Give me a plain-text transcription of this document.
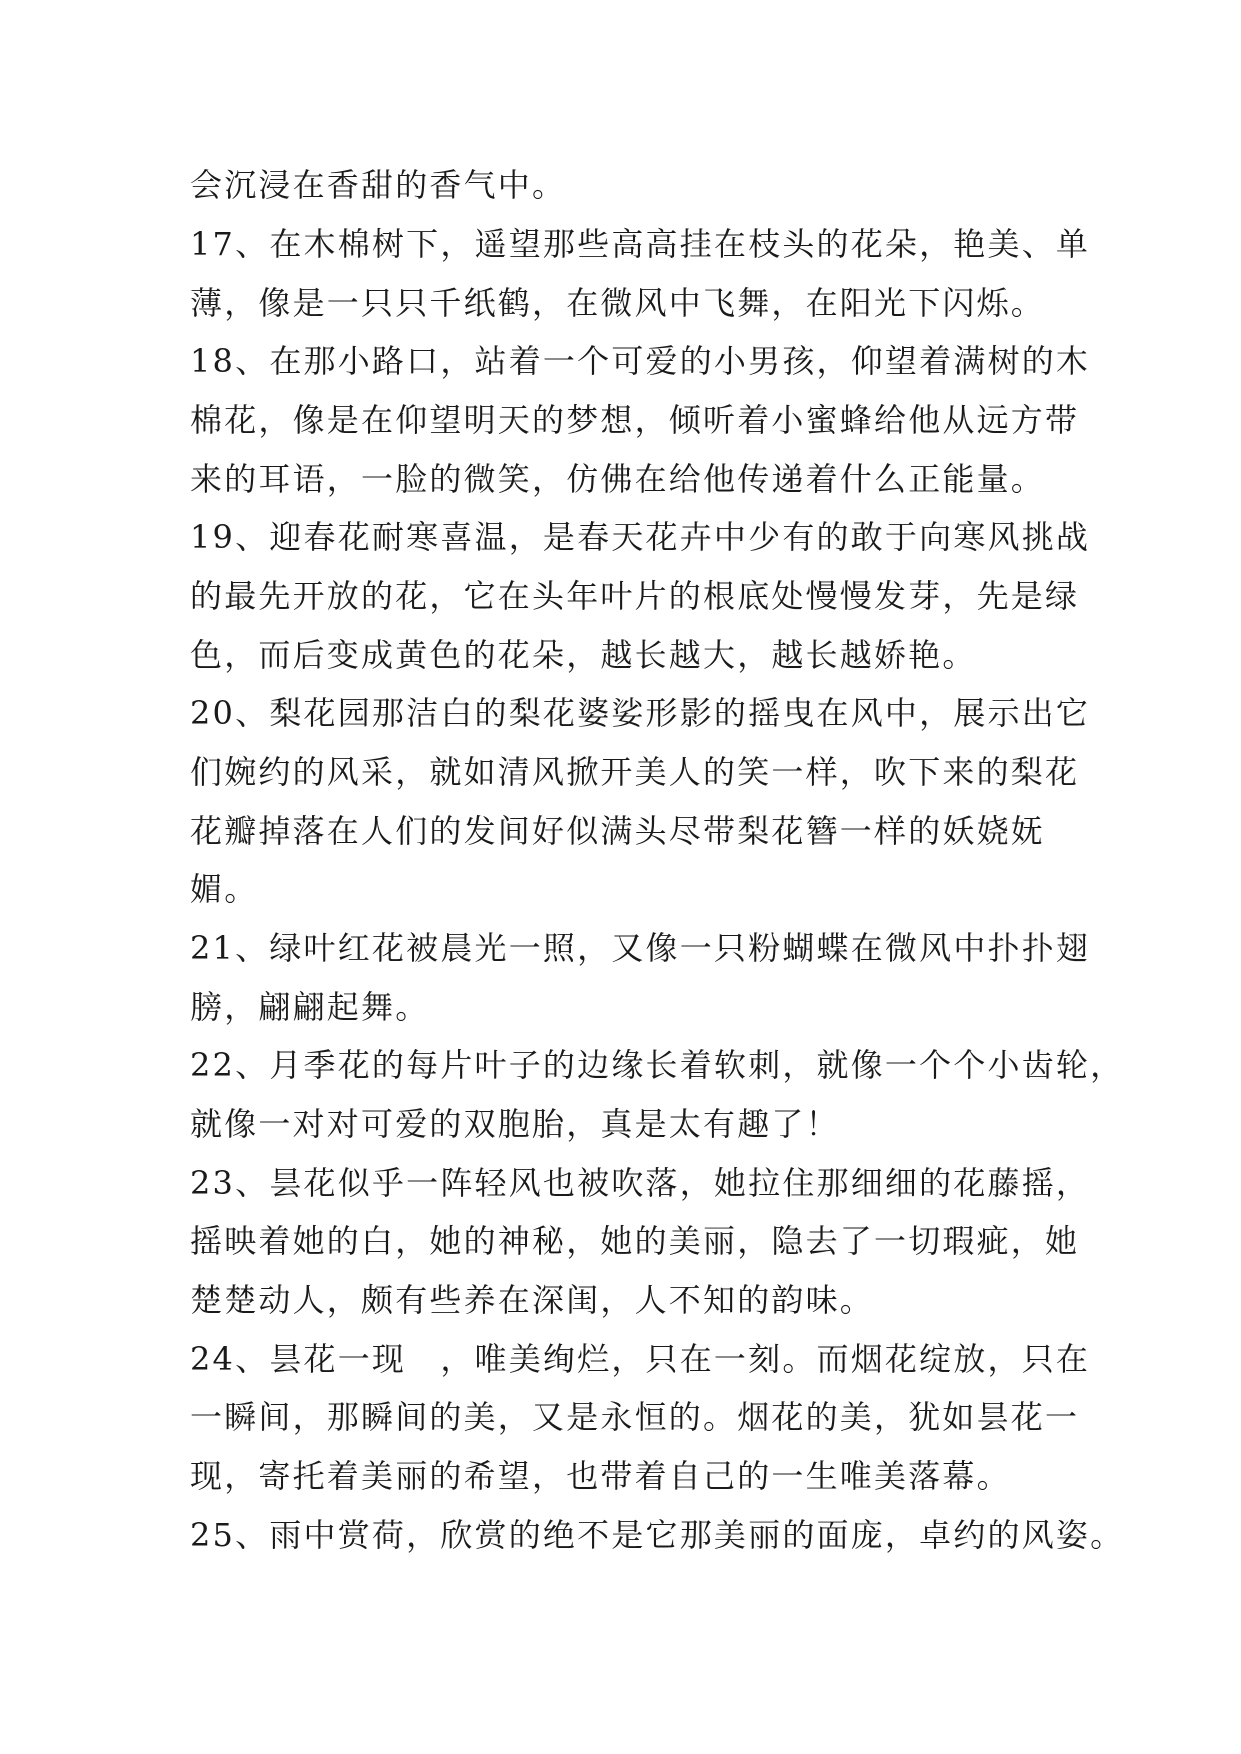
会沉浸在香甜的香气中。
17、在木棉树下，遥望那些高高挂在枝头的花朵，艳美、单
薄，像是一只只千纸鹤，在微风中飞舞，在阳光下闪烁。
18、在那小路口，站着一个可爱的小男孩，仰望着满树的木
棉花，像是在仰望明天的梦想，倾听着小蜜蜂给他从远方带
来的耳语，一脸的微笑，仿佛在给他传递着什么正能量。
19、迎春花耐寒喜温，是春天花卉中少有的敢于向寒风挑战
的最先开放的花，它在头年叶片的根底处慢慢发芽，先是绿
色，而后变成黄色的花朵，越长越大，越长越娇艳。
20、梨花园那洁白的梨花婆娑形影的摇曳在风中，展示出它
们婉约的风采，就如清风掀开美人的笑一样，吹下来的梨花
花瓣掉落在人们的发间好似满头尽带梨花簪一样的妖娆妩
媚。
21、绿叶红花被晨光一照，又像一只粉蝴蝶在微风中扑扑翅
膀，翩翩起舞。
22、月季花的每片叶子的边缘长着软刺，就像一个个小齿轮，
就像一对对可爱的双胞胎，真是太有趣了！
23、昙花似乎一阵轻风也被吹落，她拉住那细细的花藤摇，
摇映着她的白，她的神秘，她的美丽，隐去了一切瑕疵，她
楚楚动人，颇有些养在深闺，人不知的韵味。
24、昙花一现　，唯美绚烂，只在一刻。而烟花绽放，只在
一瞬间，那瞬间的美，又是永恒的。烟花的美，犹如昙花一
现，寄托着美丽的希望，也带着自己的一生唯美落幕。
25、雨中赏荷，欣赏的绝不是它那美丽的面庞，卓约的风姿。
